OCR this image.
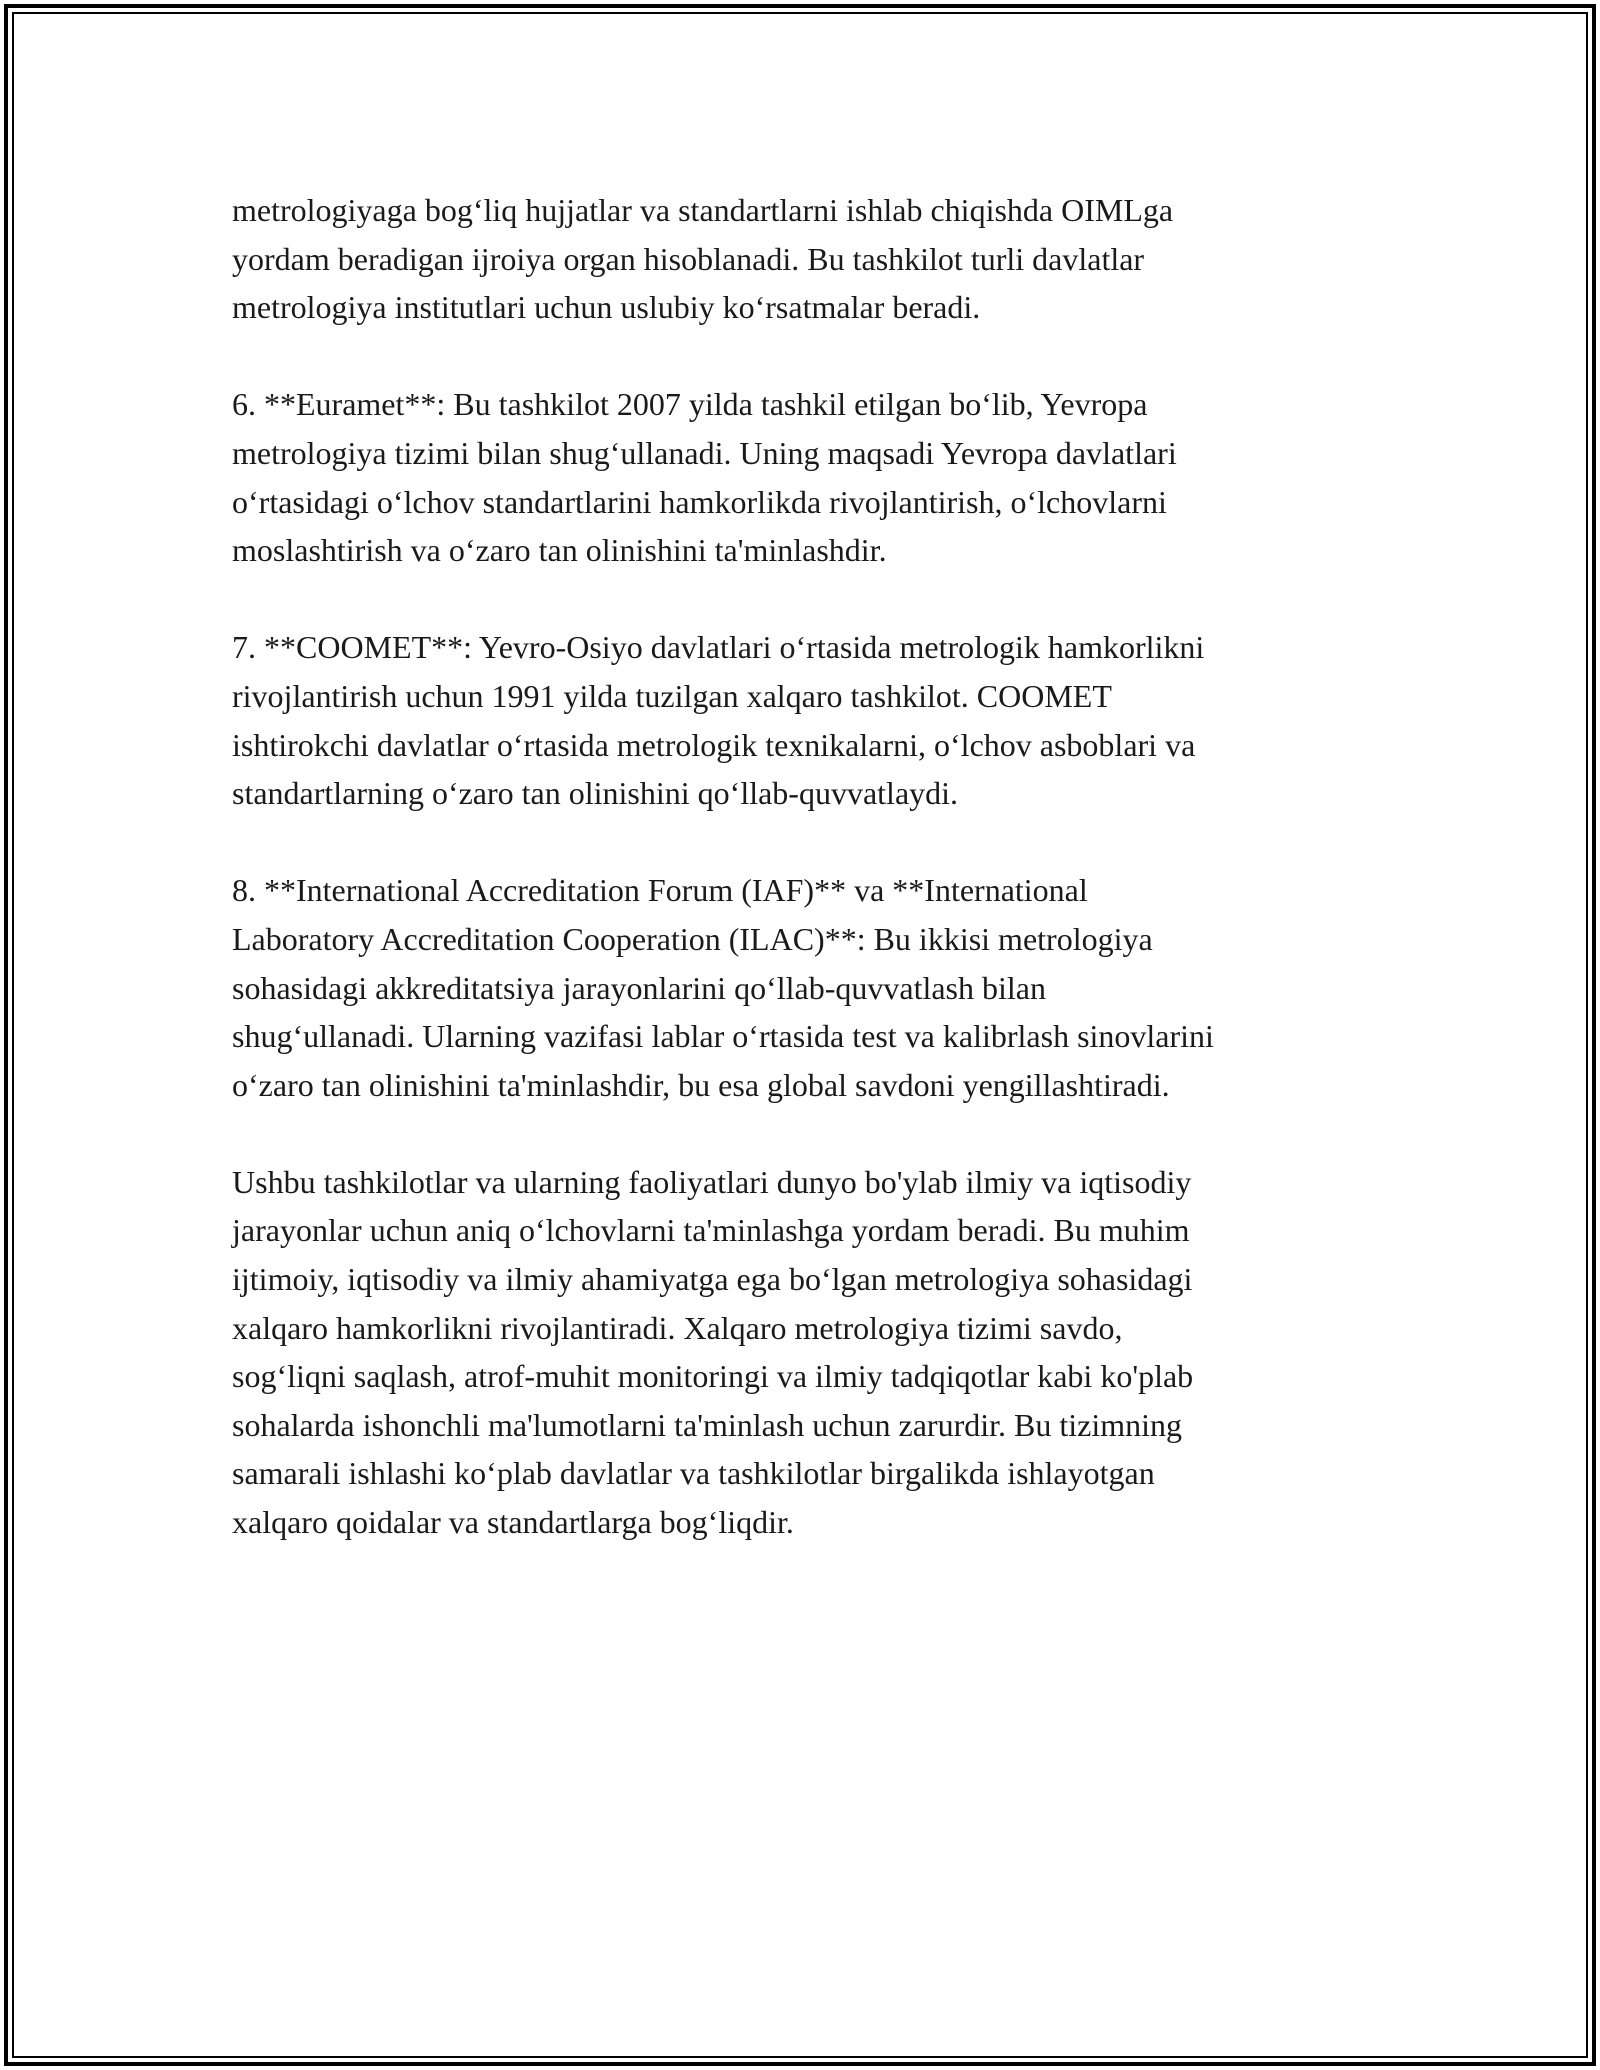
metrologiyaga bog‘liq hujjatlar va standartlarni ishlab chiqishda OIMLga
yordam beradigan ijroiya organ hisoblanadi. Bu tashkilot turli davlatlar
metrologiya institutlari uchun uslubiy ko‘rsatmalar beradi.

6. **Euramet**: Bu tashkilot 2007 yilda tashkil etilgan bo‘lib, Yevropa
metrologiya tizimi bilan shug‘ullanadi. Uning maqsadi Yevropa davlatlari
o‘rtasidagi o‘lchov standartlarini hamkorlikda rivojlantirish, o‘lchovlarni
moslashtirish va o‘zaro tan olinishini ta'minlashdir.

7. **COOMET**: Yevro-Osiyo davlatlari o‘rtasida metrologik hamkorlikni
rivojlantirish uchun 1991 yilda tuzilgan xalqaro tashkilot. COOMET
ishtirokchi davlatlar o‘rtasida metrologik texnikalarni, o‘lchov asboblari va
standartlarning o‘zaro tan olinishini qo‘llab-quvvatlaydi.

8. **International Accreditation Forum (IAF)** va **International
Laboratory Accreditation Cooperation (ILAC)**: Bu ikkisi metrologiya
sohasidagi akkreditatsiya jarayonlarini qo‘llab-quvvatlash bilan
shug‘ullanadi. Ularning vazifasi lablar o‘rtasida test va kalibrlash sinovlarini
o‘zaro tan olinishini ta'minlashdir, bu esa global savdoni yengillashtiradi.

Ushbu tashkilotlar va ularning faoliyatlari dunyo bo'ylab ilmiy va iqtisodiy
jarayonlar uchun aniq o‘lchovlarni ta'minlashga yordam beradi. Bu muhim
ijtimoiy, iqtisodiy va ilmiy ahamiyatga ega bo‘lgan metrologiya sohasidagi
xalqaro hamkorlikni rivojlantiradi. Xalqaro metrologiya tizimi savdo,
sog‘liqni saqlash, atrof-muhit monitoringi va ilmiy tadqiqotlar kabi ko'plab
sohalarda ishonchli ma'lumotlarni ta'minlash uchun zarurdir. Bu tizimning
samarali ishlashi ko‘plab davlatlar va tashkilotlar birgalikda ishlayotgan
xalqaro qoidalar va standartlarga bog‘liqdir.
